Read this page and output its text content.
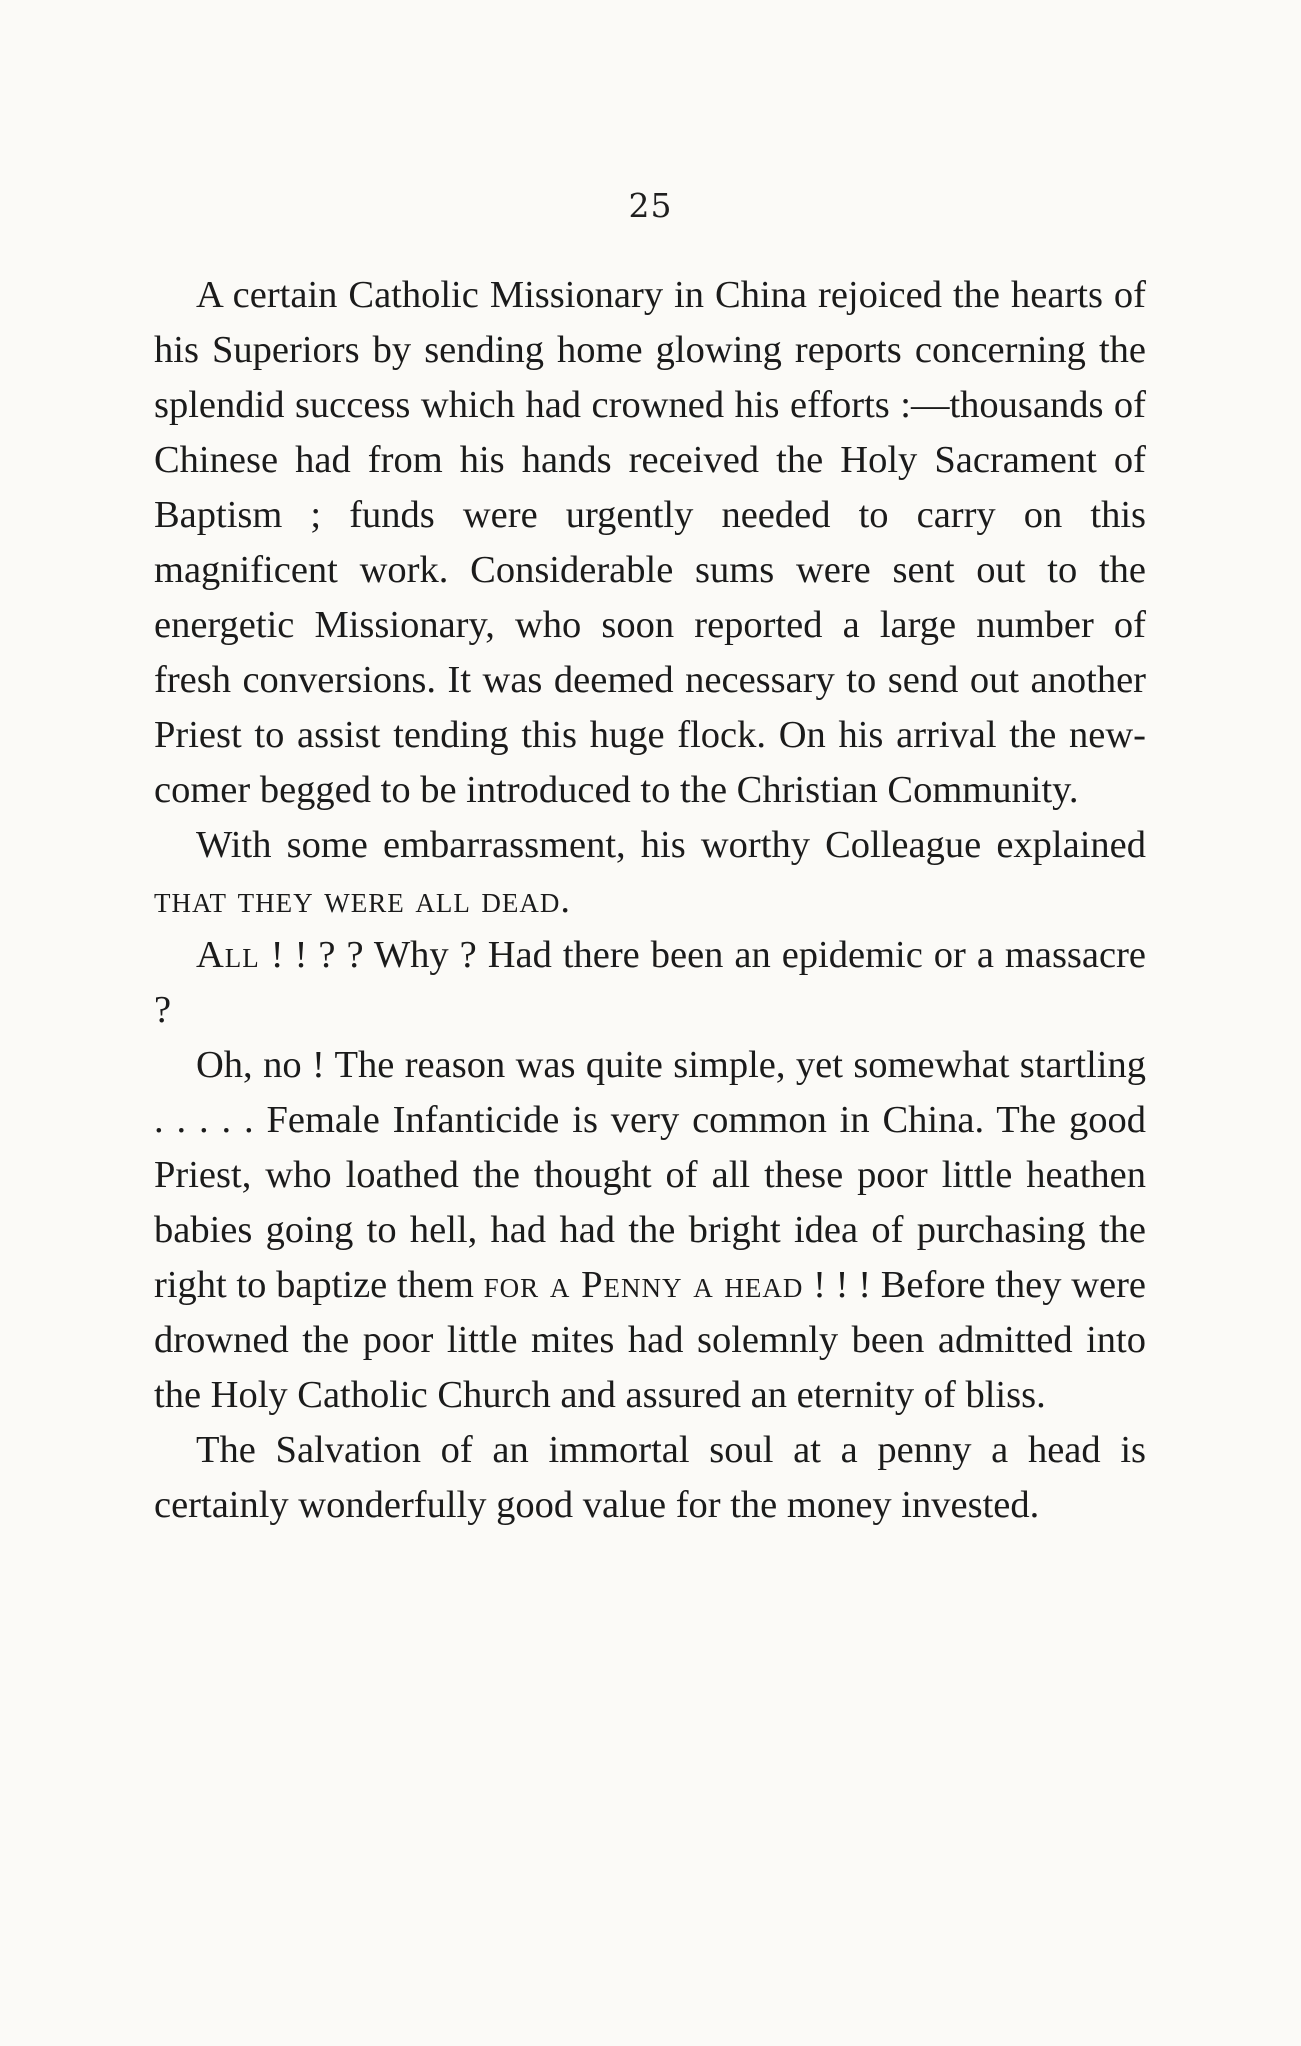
25

A certain Catholic Missionary in China rejoiced the hearts of his Superiors by sending home glowing reports concerning the splendid success which had crowned his efforts :—thousands of Chinese had from his hands received the Holy Sacrament of Baptism ; funds were urgently needed to carry on this magnificent work. Considerable sums were sent out to the energetic Missionary, who soon reported a large number of fresh conversions. It was deemed necessary to send out another Priest to assist tending this huge flock. On his arrival the new-comer begged to be introduced to the Christian Community.

With some embarrassment, his worthy Colleague explained that they were all dead.

All ! ! ? ? Why ? Had there been an epidemic or a massacre ?

Oh, no ! The reason was quite simple, yet somewhat startling . . . . . Female Infanticide is very common in China. The good Priest, who loathed the thought of all these poor little heathen babies going to hell, had had the bright idea of purchasing the right to baptize them for a Penny a head ! ! ! Before they were drowned the poor little mites had solemnly been admitted into the Holy Catholic Church and assured an eternity of bliss.

The Salvation of an immortal soul at a penny a head is certainly wonderfully good value for the money invested.
